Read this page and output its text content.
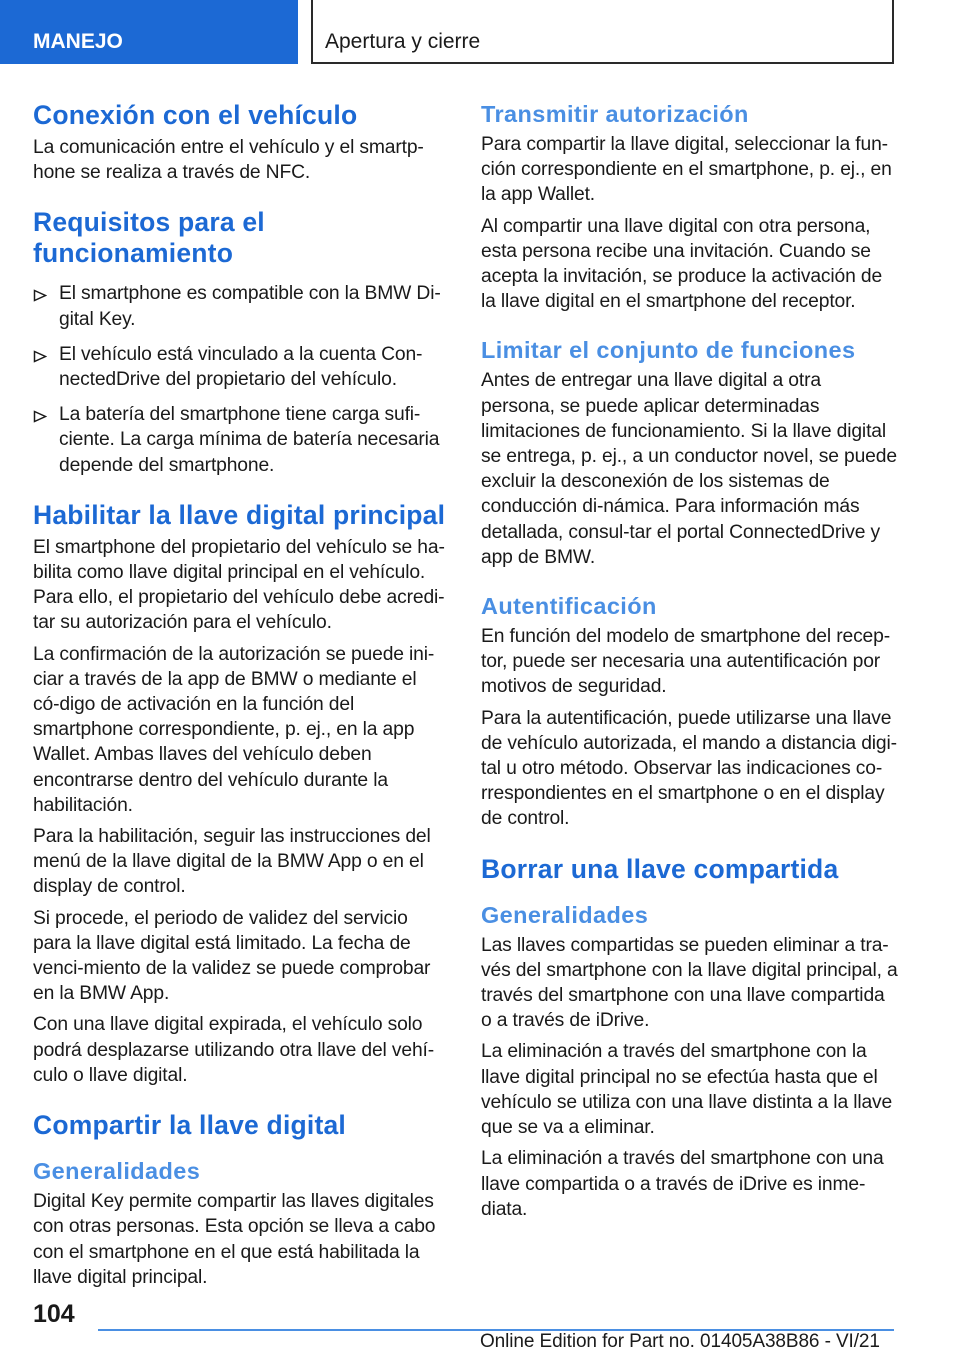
MANEJO	Apertura y cierre
Conexión con el vehículo

La comunicación entre el vehículo y el smartp-hone se realiza a través de NFC.

Requisitos para el
funcionamiento
El smartphone es compatible con la BMW Di-gital Key.
El vehículo está vinculado a la cuenta Con-nectedDrive del propietario del vehículo.
La batería del smartphone tiene carga sufi-ciente. La carga mínima de batería necesaria depende del smartphone.
Habilitar la llave digital principal

El smartphone del propietario del vehículo se ha-bilita como llave digital principal en el vehículo. Para ello, el propietario del vehículo debe acredi-tar su autorización para el vehículo.

La confirmación de la autorización se puede ini-ciar a través de la app de BMW o mediante el có-digo de activación en la función del smartphone correspondiente, p. ej., en la app Wallet. Ambas llaves del vehículo deben encontrarse dentro del vehículo durante la habilitación.

Para la habilitación, seguir las instrucciones del menú de la llave digital de la BMW App o en el display de control.

Si procede, el periodo de validez del servicio para la llave digital está limitado. La fecha de venci-miento de la validez se puede comprobar en la BMW App.

Con una llave digital expirada, el vehículo solo podrá desplazarse utilizando otra llave del vehí-culo o llave digital.

Compartir la llave digital
Generalidades

Digital Key permite compartir las llaves digitales con otras personas. Esta opción se lleva a cabo con el smartphone en el que está habilitada la llave digital principal.

Transmitir autorización

Para compartir la llave digital, seleccionar la fun-ción correspondiente en el smartphone, p. ej., en la app Wallet.

Al compartir una llave digital con otra persona, esta persona recibe una invitación. Cuando se acepta la invitación, se produce la activación de la llave digital en el smartphone del receptor.

Limitar el conjunto de funciones

Antes de entregar una llave digital a otra persona, se puede aplicar determinadas limitaciones de funcionamiento. Si la llave digital se entrega, p. ej., a un conductor novel, se puede excluir la desconexión de los sistemas de conducción di-námica. Para información más detallada, consul-tar el portal ConnectedDrive y app de BMW.

Autentificación

En función del modelo de smartphone del recep-tor, puede ser necesaria una autentificación por motivos de seguridad.

Para la autentificación, puede utilizarse una llave de vehículo autorizada, el mando a distancia digi-tal u otro método. Observar las indicaciones co-rrespondientes en el smartphone o en el display de control.

Borrar una llave compartida
Generalidades

Las llaves compartidas se pueden eliminar a tra-vés del smartphone con la llave digital principal, a través del smartphone con una llave compartida o a través de iDrive.

La eliminación a través del smartphone con la llave digital principal no se efectúa hasta que el vehículo se utiliza con una llave distinta a la llave que se va a eliminar.

La eliminación a través del smartphone con una llave compartida o a través de iDrive es inme-diata.

104
Online Edition for Part no. 01405A38B86 - VI/21
